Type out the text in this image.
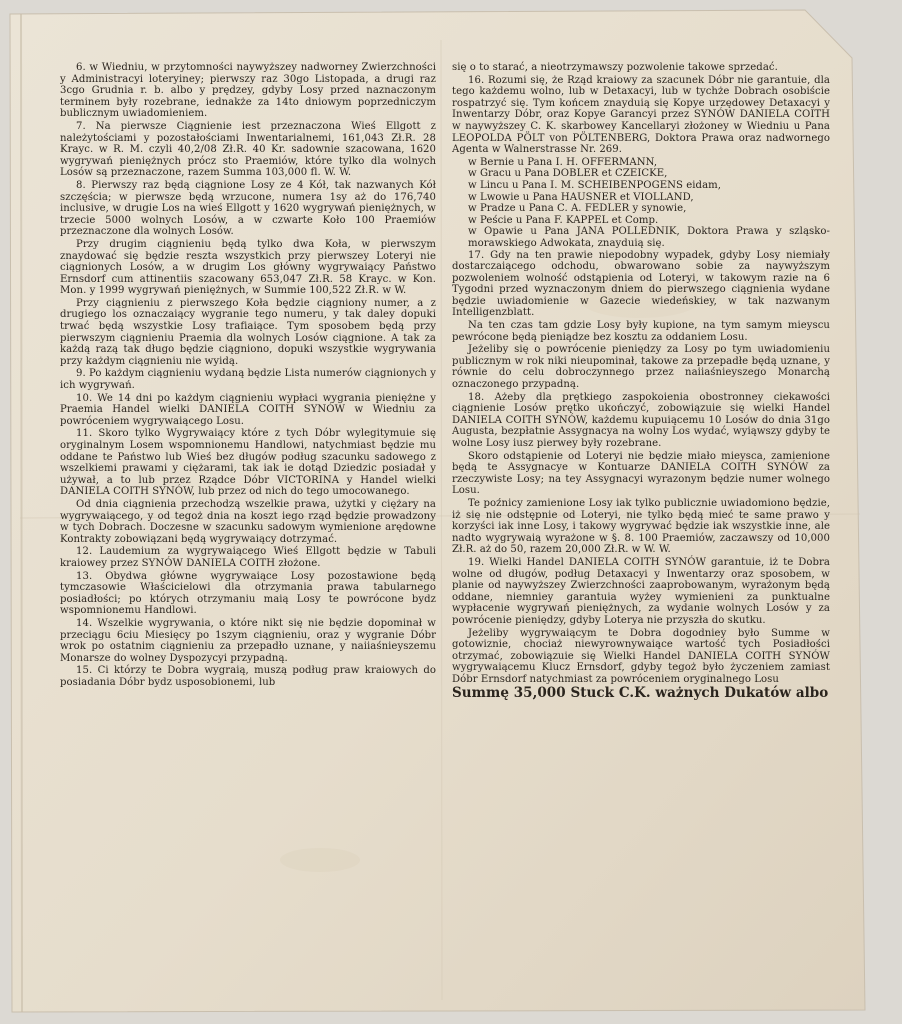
6. w Wiedniu, w przytomności naywyższey nadworney Zwierzchności y Administracyi loteryiney; pierwszy raz 30go Listopada, a drugi raz 3cgo Grudnia r. b. albo y prędzey, gdyby Losy przed naznaczonym terminem były rozebrane, iednakże za 14to dniowym poprzedniczym bublicznym uwiadomieniem.

7. Na pierwsze Ciągnienie iest przeznaczona Wieś Ellgott z należytościami y pozostałościami Inwentarialnemi, 161,043 Zł.R. 28 Krayc. w R. M. czyli 40,2/08 Zł.R. 40 Kr. sadownie szacowana, 1620 wygrywań pieniężnych prócz sto Praemiów, które tylko dla wolnych Losów są przeznaczone, razem Summa 103,000 fl. W. W.

8. Pierwszy raz będą ciągnione Losy ze 4 Kół, tak nazwanych Kół szczęścia; w pierwsze będą wrzucone, numera 1sy aż do 176,740 inclusive, w drugie Los na wieś Ellgott y 1620 wygrywań pieniężnych, w trzecie 5000 wolnych Losów, a w czwarte Koło 100 Praemiów przeznaczone dla wolnych Losów.

Przy drugim ciągnieniu będą tylko dwa Koła, w pierwszym znaydować się będzie reszta wszystkich przy pierwszey Loteryi nie ciągnionych Losów, a w drugim Los główny wygrywaiący Państwo Ernsdorf cum attinentiis szacowany 653,047 Zł.R. 58 Krayc. w Kon. Mon. y 1999 wygrywań pieniężnych, w Summie 100,522 Zł.R. w W.

Przy ciągnieniu z pierwszego Koła będzie ciągniony numer, a z drugiego los oznaczaiący wygranie tego numeru, y tak daley dopuki trwać będą wszystkie Losy trafiaiące. Tym sposobem będą przy pierwszym ciągnieniu Praemia dla wolnych Losów ciągnione. A tak za każdą razą tak długo będzie ciągniono, dopuki wszystkie wygrywania przy każdym ciągnieniu nie wyidą.

9. Po każdym ciągnieniu wydaną będzie Lista numerów ciągnionych y ich wygrywań.

10. We 14 dni po każdym ciągnieniu wypłaci wygrania pieniężne y Praemia Handel wielki DANIELA COITH SYNÓW w Wiedniu za powróceniem wygrywaiącego Losu.

11. Skoro tylko Wygrywaiący które z tych Dóbr wylegitymuie się oryginalnym Losem wspomnionemu Handlowi, natychmiast będzie mu oddane te Państwo lub Wieś bez długów podług szacunku sadowego z wszelkiemi prawami y ciężarami, tak iak ie dotąd Dziedzic posiadał y używał, a to lub przez Rządce Dóbr VICTORINA y Handel wielki DANIELA COITH SYNÓW, lub przez od nich do tego umocowanego.

Od dnia ciągnienia przechodzą wszelkie prawa, użytki y ciężary na wygrywaiącego, y od tegoż dnia na koszt iego rząd będzie prowadzony w tych Dobrach. Doczesne w szacunku sadowym wymienione arędowne Kontrakty zobowiązani będą wygrywaiący dotrzymać.

12. Laudemium za wygrywaiącego Wieś Ellgott będzie w Tabuli kraiowey przez SYNÓW DANIELA COITH złożone.

13. Obydwa główne wygrywaiące Losy pozostawione będą tymczasowie Właścicielowi dla otrzymania prawa tabularnego posiadłości; po których otrzymaniu maią Losy te powrócone bydz wspomnionemu Handlowi.

14. Wszelkie wygrywania, o które nikt się nie będzie dopominał w przeciągu 6ciu Miesięcy po 1szym ciągnieniu, oraz y wygranie Dóbr wrok po ostatnim ciągnieniu za przepadło uznane, y naiiaśnieyszemu Monarsze do wolney Dyspozycyi przypadną.

15. Ci którzy te Dobra wygraią, muszą podług praw kraiowych do posiadania Dóbr bydz usposobionemi, lub

się o to starać, a nieotrzymawszy pozwolenie takowe sprzedać.

16. Rozumi się, że Rząd kraiowy za szacunek Dóbr nie garantuie, dla tego każdemu wolno, lub w Detaxacyi, lub w tychże Dobrach osobiście rospatrzyć się. Tym końcem znayduią się Kopye urzędowey Detaxacyi y Inwentarzy Dóbr, oraz Kopye Garancyi przez SYNÓW DANIELA COITH w naywyższey C. K. skarbowey Kancellaryi złożoney w Wiedniu u Pana LEOPOLDA PÖLT von PÖLTENBERG, Doktora Prawa oraz nadwornego Agenta w Walnerstrasse Nr. 269.

w Bernie u Pana I. H. OFFERMANN,

w Gracu u Pana DOBLER et CZEICKE,

w Lincu u Pana I. M. SCHEIBENPOGENS eidam,

w Lwowie u Pana HAUSNER et VIOLLAND,

w Pradze u Pana C. A. FEDLER y synowie,

w Peście u Pana F. KAPPEL et Comp.

w Opawie u Pana JANA POLLEDNIK, Doktora Prawa y szląsko-morawskiego Adwokata, znayduią się.

17. Gdy na ten prawie niepodobny wypadek, gdyby Losy niemiały dostarczaiącego odchodu, obwarowano sobie za naywyższym pozwoleniem wolność odstąpienia od Loteryi, w takowym razie na 6 Tygodni przed wyznaczonym dniem do pierwszego ciągnienia wydane będzie uwiadomienie w Gazecie wiedeńskiey, w tak nazwanym Intelligenzblatt.

Na ten czas tam gdzie Losy były kupione, na tym samym mieyscu pewrócone będą pieniądze bez kosztu za oddaniem Losu.

Jeżeliby się o powrócenie pieniędzy za Losy po tym uwiadomieniu publicznym w rok niki nieupominał, takowe za przepadłe będą uznane, y równie do celu dobroczynnego przez naiiaśnieyszego Monarchą oznaczonego przypadną.

18. Ażeby dla prętkiego zaspokoienia obostronney ciekawości ciągnienie Losów prętko ukończyć, zobowiązuie się wielki Handel DANIELA COITH SYNÓW, każdemu kupuiącemu 10 Losów do dnia 31go Augusta, bezpłatnie Assygnacya na wolny Los wydać, wyiąwszy gdyby te wolne Losy iusz pierwey były rozebrane.

Skoro odstąpienie od Loteryi nie będzie miało mieysca, zamienione będą te Assygnacye w Kontuarze DANIELA COITH SYNÓW za rzeczywiste Losy; na tey Assygnacyi wyrazonym będzie numer wolnego Losu.

Te poźnicy zamienione Losy iak tylko publicznie uwiadomiono będzie, iż się nie odstępnie od Loteryi, nie tylko będą mieć te same prawo y korzyści iak inne Losy, i takowy wygrywać będzie iak wszystkie inne, ale nadto wygrywaią wyrażone w §. 8. 100 Praemiów, zaczawszy od 10,000 Zł.R. aż do 50, razem 20,000 Zł.R. w W. W.

19. Wielki Handel DANIELA COITH SYNÓW garantuie, iż te Dobra wolne od długów, podług Detaxacyi y Inwentarzy oraz sposobem, w planie od naywyższey Zwierzchności zaaprobowanym, wyrażonym będą oddane, niemniey garantuia wyżey wymienieni za punktualne wypłacenie wygrywań pieniężnych, za wydanie wolnych Losów y za powrócenie pieniędzy, gdyby Loterya nie przyszła do skutku.

Jeżeliby wygrywaiącym te Dobra dogodniey było Summe w gotowiznie, chociaż niewyrownywaiące wartość tych Posiadłości otrzymać, zobowiązuie się Wielki Handel DANIELA COITH SYNÓW wygrywaiącemu Klucz Ernsdorf, gdyby tegoż było życzeniem zamiast Dóbr Ernsdorf natychmiast za powróceniem oryginalnego Losu

Summę 35,000 Stuck C.K. ważnych Dukatów albo
